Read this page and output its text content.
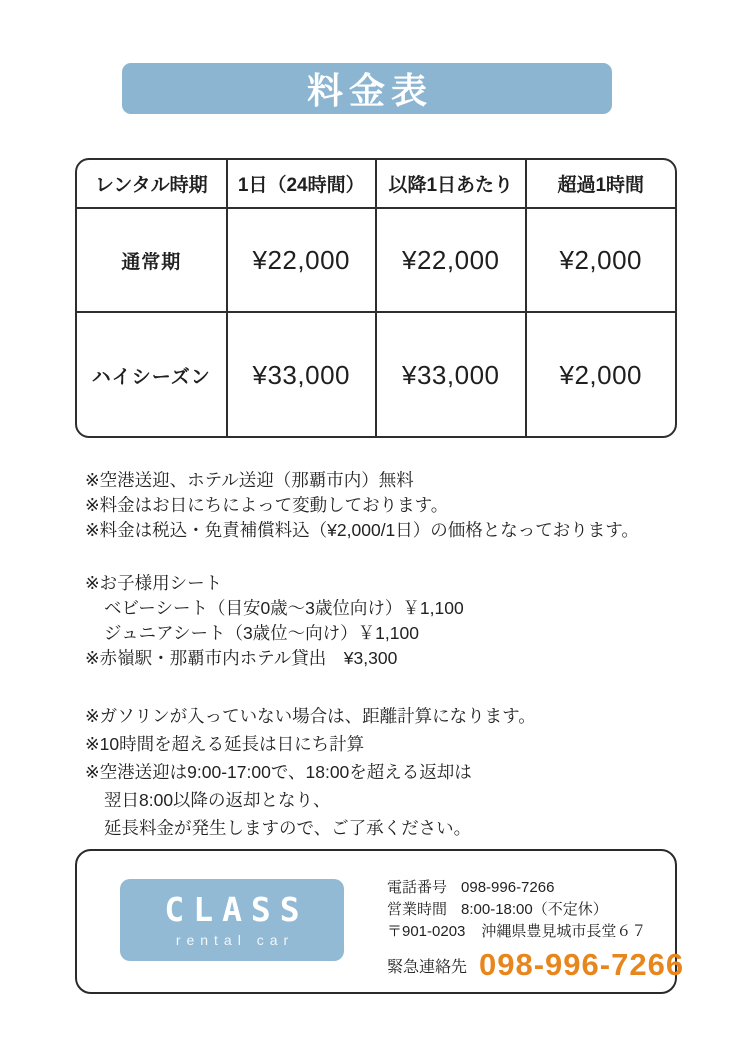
料金表
レンタル時期	1日（24時間）	以降1日あたり	超過1時間
通常期	¥22,000	¥22,000	¥2,000
ハイシーズン	¥33,000	¥33,000	¥2,000
※空港送迎、ホテル送迎（那覇市内）無料
※料金はお日にちによって変動しております。
※料金は税込・免責補償料込（¥2,000/1日）の価格となっております。
※お子様用シート
ベビーシート（目安0歳〜3歳位向け）￥1,100
ジュニアシート（3歳位〜向け）￥1,100
※赤嶺駅・那覇市内ホテル貸出　¥3,300
※ガソリンが入っていない場合は、距離計算になります。
※10時間を超える延長は日にち計算
※空港送迎は9:00-17:00で、18:00を超える返却は
翌日8:00以降の返却となり、
延長料金が発生しますので、ご了承ください。
CLASS
rental car
電話番号 098-996-7266
営業時間 8:00-18:00（不定休）
〒901-0203 沖縄県豊見城市長堂６７
緊急連絡先 098-996-7266
